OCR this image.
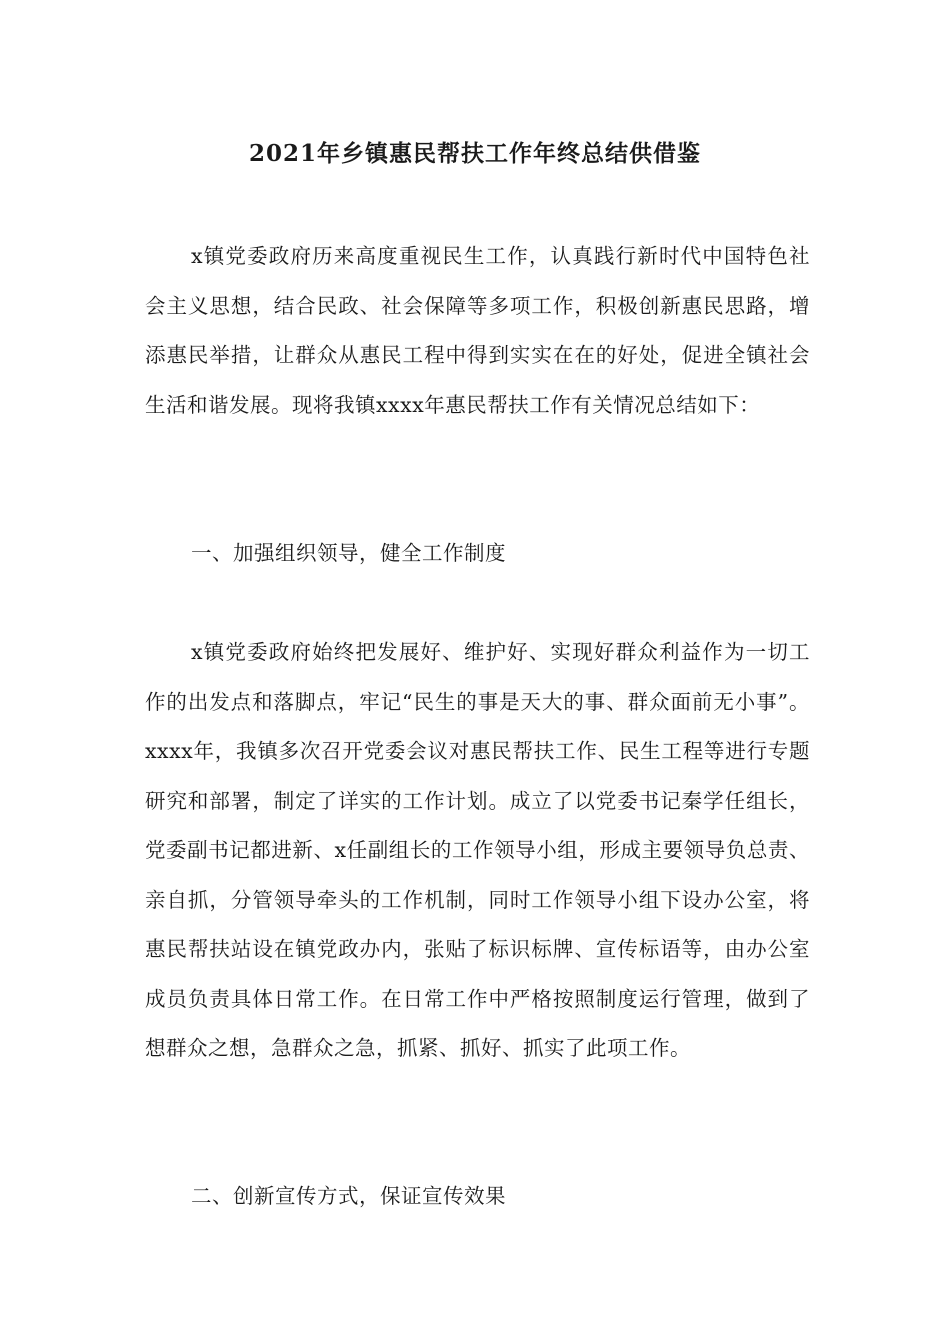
2021年乡镇惠民帮扶工作年终总结供借鉴

x镇党委政府历来高度重视民生工作，认真践行新时代中国特色社会主义思想，结合民政、社会保障等多项工作，积极创新惠民思路，增添惠民举措，让群众从惠民工程中得到实实在在的好处，促进全镇社会生活和谐发展。现将我镇xxxx年惠民帮扶工作有关情况总结如下：

一、加强组织领导，健全工作制度

x镇党委政府始终把发展好、维护好、实现好群众利益作为一切工作的出发点和落脚点，牢记“民生的事是天大的事、群众面前无小事”。xxxx年，我镇多次召开党委会议对惠民帮扶工作、民生工程等进行专题研究和部署，制定了详实的工作计划。成立了以党委书记秦学任组长，党委副书记都进新、x任副组长的工作领导小组，形成主要领导负总责、亲自抓，分管领导牵头的工作机制，同时工作领导小组下设办公室，将惠民帮扶站设在镇党政办内，张贴了标识标牌、宣传标语等，由办公室成员负责具体日常工作。在日常工作中严格按照制度运行管理，做到了想群众之想，急群众之急，抓紧、抓好、抓实了此项工作。

二、创新宣传方式，保证宣传效果
